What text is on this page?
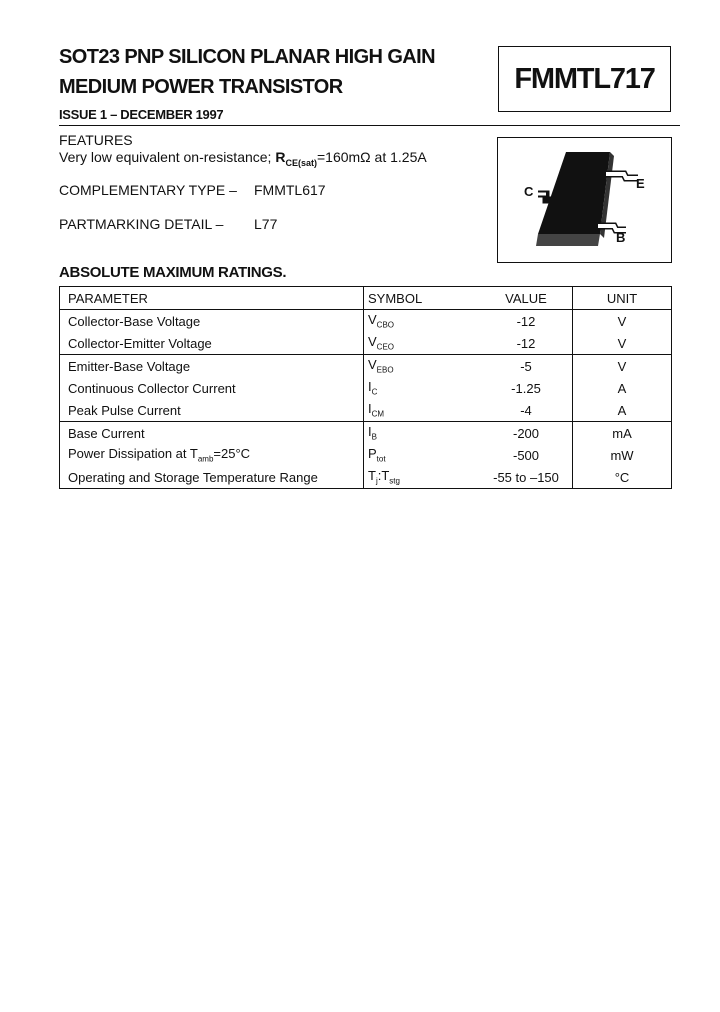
SOT23 PNP SILICON PLANAR HIGH GAIN
MEDIUM POWER TRANSISTOR	FMMTL717
ISSUE 1 – DECEMBER 1997
FEATURES
Very low equivalent on-resistance; $R_{CE(sat)}=160m\Omega$ at 1.25A
COMPLEMENTARY TYPE – FMMTL617
PARTMARKING DETAIL – L77
C
E
B
ABSOLUTE MAXIMUM RATINGS.
PARAMETER	SYMBOL	VALUE	UNIT
Collector-Base Voltage	$V_{CBO}$	-12	V
Collector-Emitter Voltage	$V_{CEO}$	-12	V
Emitter-Base Voltage	$V_{EBO}$	-5	V
Continuous Collector Current	$I_C$	-1.25	A
Peak Pulse Current	$I_{CM}$	-4	A
Base Current	$I_B$	-200	mA
Power Dissipation at $T_{amb}=25^\circ C$	$P_{tot}$	-500	mW
Operating and Storage Temperature Range	$T_j:T_{stg}$	-55 to –150	°C
